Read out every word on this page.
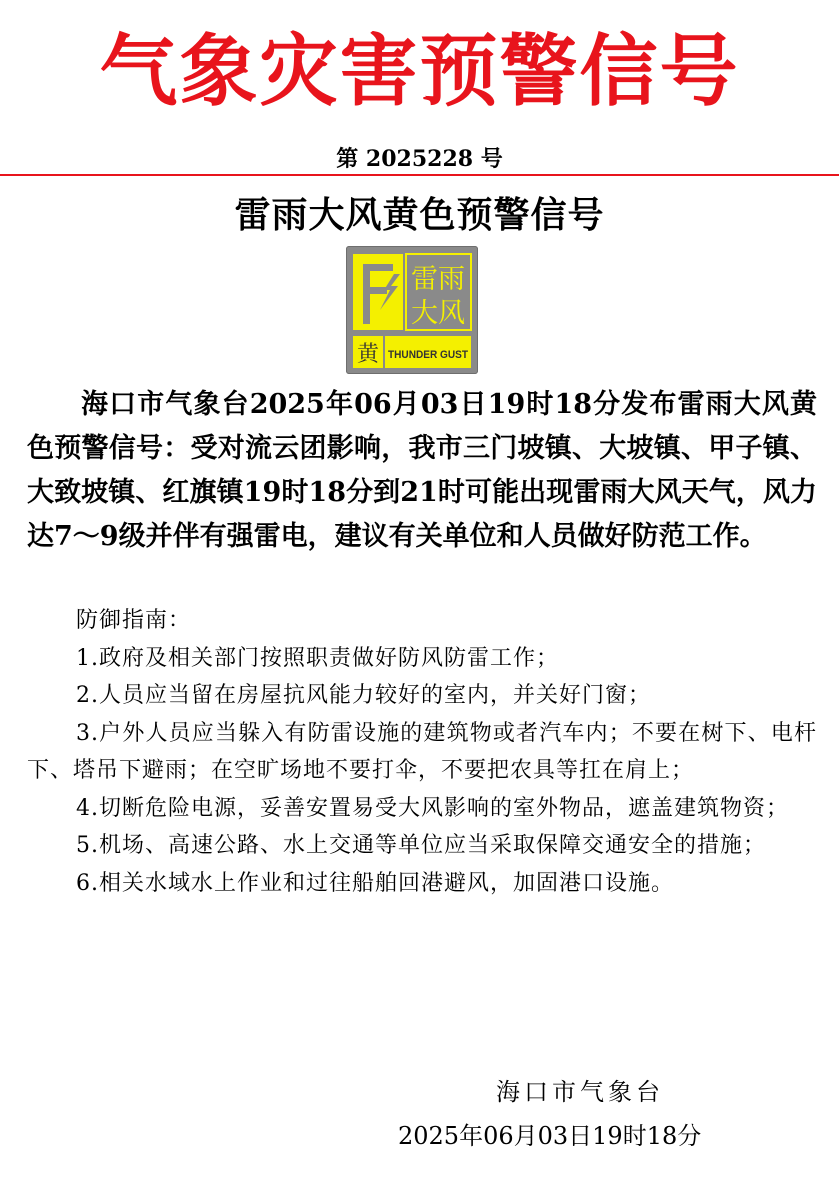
气象灾害预警信号
第 2025228 号
雷雨大风黄色预警信号
雷雨
大风
黄 THUNDER GUST

海口市气象台2025年06月03日19时18分发布雷雨大风黄色预警信号：受对流云团影响，我市三门坡镇、大坡镇、甲子镇、大致坡镇、红旗镇19时18分到21时可能出现雷雨大风天气，风力达7～9级并伴有强雷电，建议有关单位和人员做好防范工作。

防御指南：

1.政府及相关部门按照职责做好防风防雷工作；

2.人员应当留在房屋抗风能力较好的室内，并关好门窗；

3.户外人员应当躲入有防雷设施的建筑物或者汽车内；不要在树下、电杆下、塔吊下避雨；在空旷场地不要打伞，不要把农具等扛在肩上；

4.切断危险电源，妥善安置易受大风影响的室外物品，遮盖建筑物资；

5.机场、高速公路、水上交通等单位应当采取保障交通安全的措施；

6.相关水域水上作业和过往船舶回港避风，加固港口设施。

海口市气象台
2025年06月03日19时18分
